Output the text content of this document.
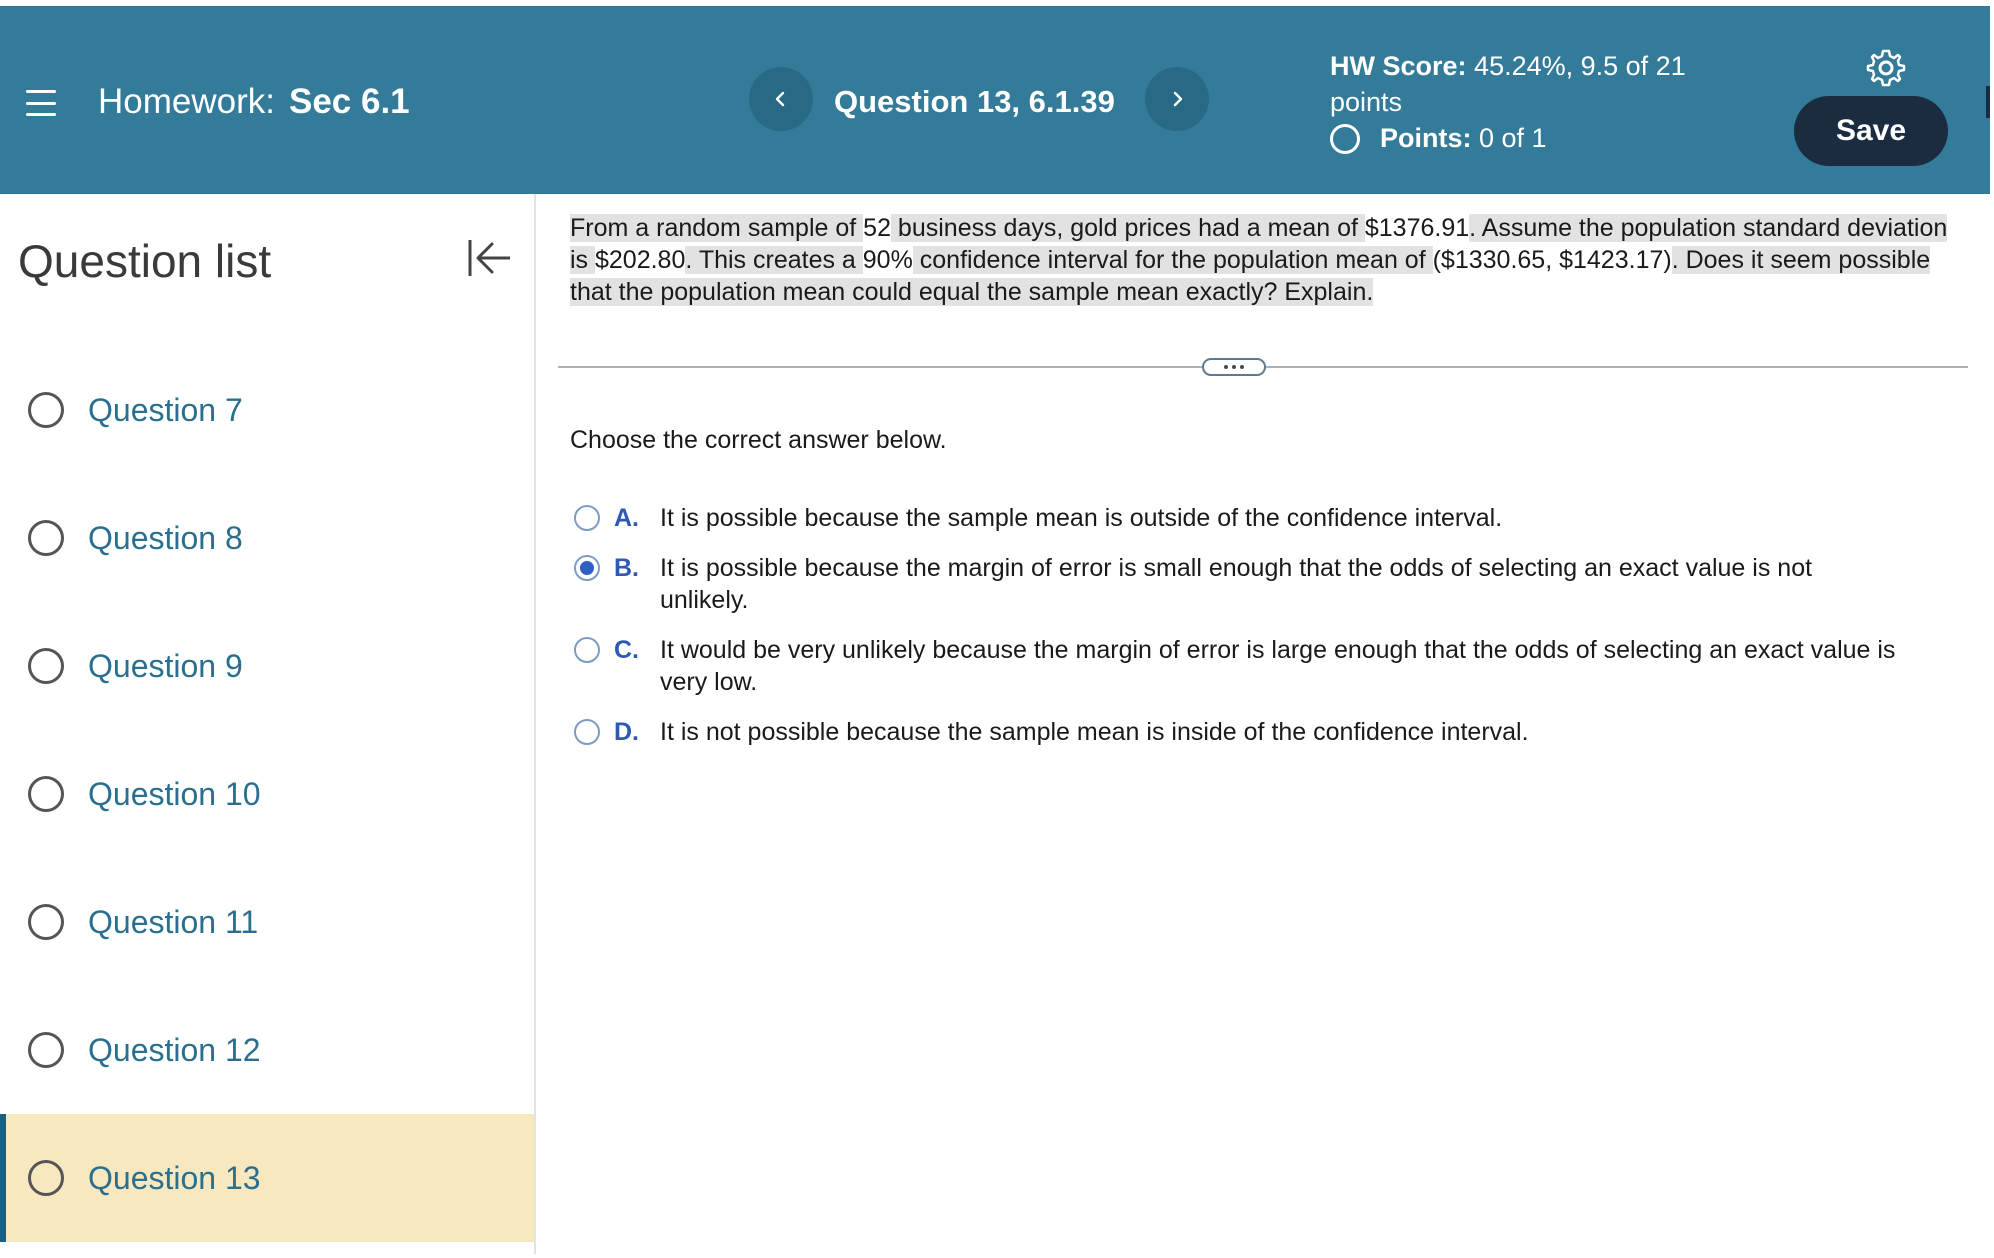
Homework: Sec 6.1	Question 13, 6.1.39
HW Score: 45.24%, 9.5 of 21
points
Points:
0 of 1	Save
Question list
Question 7
Question 8
Question 9
Question 10
Question 11
Question 12
Question 13
From a random sample of 52 business days, gold prices had a mean of $1376.91. Assume the population standard deviation is $202.80. This creates a 90% confidence interval for the population mean of ($1330.65, $1423.17). Does it seem possible that the population mean could equal the sample mean exactly? Explain.
Choose the correct answer below.
A. It is possible because the sample mean is outside of the confidence interval.
B. It is possible because the margin of error is small enough that the odds of selecting an exact value is not unlikely.
C. It would be very unlikely because the margin of error is large enough that the odds of selecting an exact value is very low.
D. It is not possible because the sample mean is inside of the confidence interval.
